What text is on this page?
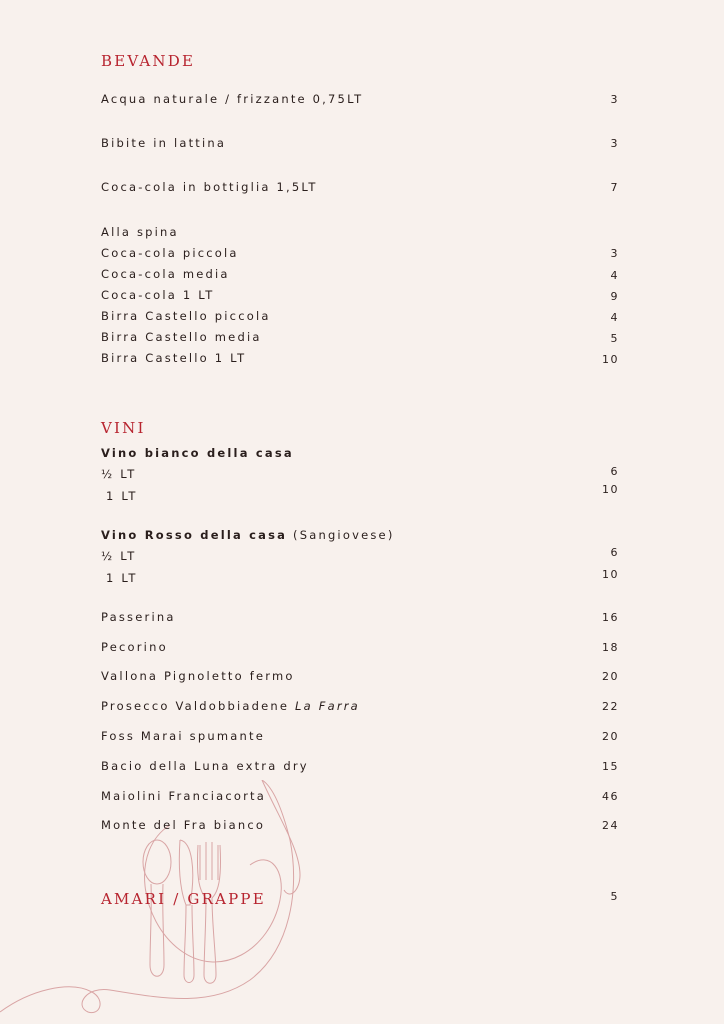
BEVANDE
Acqua naturale / frizzante 0,75LT	3
Bibite in lattina	3
Coca-cola in bottiglia 1,5LT	7
Alla spina
Coca-cola piccola	3
Coca-cola media	4
Coca-cola 1 LT	9
Birra Castello piccola	4
Birra Castello media	5
Birra Castello 1 LT	10
VINI
Vino bianco della casa
½ LT	6
1 LT	10
Vino Rosso della casa (Sangiovese)
½ LT	6
1 LT	10
Passerina	16
Pecorino	18
Vallona Pignoletto fermo	20
Prosecco Valdobbiadene La Farra	22
Foss Marai spumante	20
Bacio della Luna extra dry	15
Maiolini Franciacorta	46
Monte del Fra bianco	24
AMARI / GRAPPE	5
